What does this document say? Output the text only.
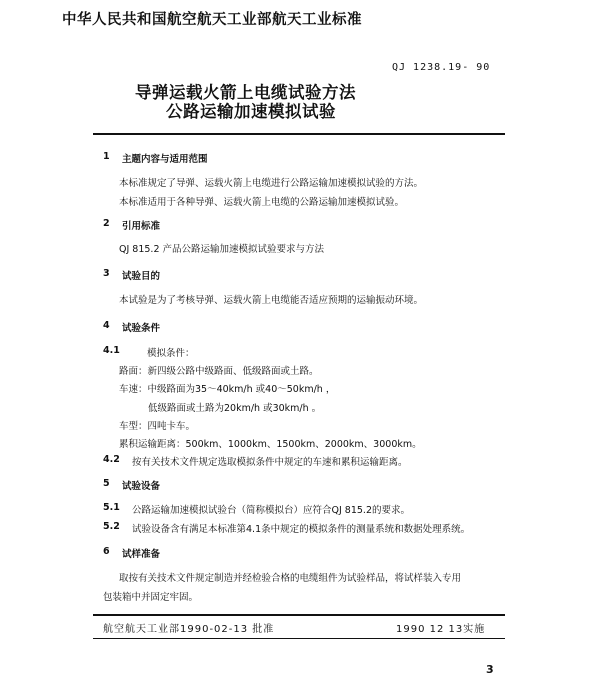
中华人民共和国航空航天工业部航天工业标准
QJ 1238.19- 90
导弹运载火箭上电缆试验方法
公路运输加速模拟试验
1 主题内容与适用范围
本标准规定了导弹、运载火箭上电缆进行公路运输加速模拟试验的方法。
本标准适用于各种导弹、运载火箭上电缆的公路运输加速模拟试验。
2 引用标准
QJ 815.2 产品公路运输加速模拟试验要求与方法
3 试验目的
本试验是为了考核导弹、运载火箭上电缆能否适应预期的运输振动环境。
4 试验条件
4.1	模拟条件：
路面：新四级公路中级路面、低级路面或土路。
车速：中级路面为35～40km/h 或40～50km/h ，
低级路面或土路为20km/h 或30km/h 。
车型：四吨卡车。
累积运输距离：500km、1000km、1500km、2000km、3000km。
4.2 按有关技术文件规定选取模拟条件中规定的车速和累积运输距离。
5 试验设备
5.1 公路运输加速模拟试验台（简称模拟台）应符合QJ 815.2的要求。
5.2 试验设备含有满足本标准第4.1条中规定的模拟条件的测量系统和数据处理系统。
6 试样准备
取按有关技术文件规定制造并经检验合格的电缆组件为试验样品，将试样装入专用
包装箱中并固定牢固。
航空航天工业部1990-02-13 批准	1990 12 13实施
3
